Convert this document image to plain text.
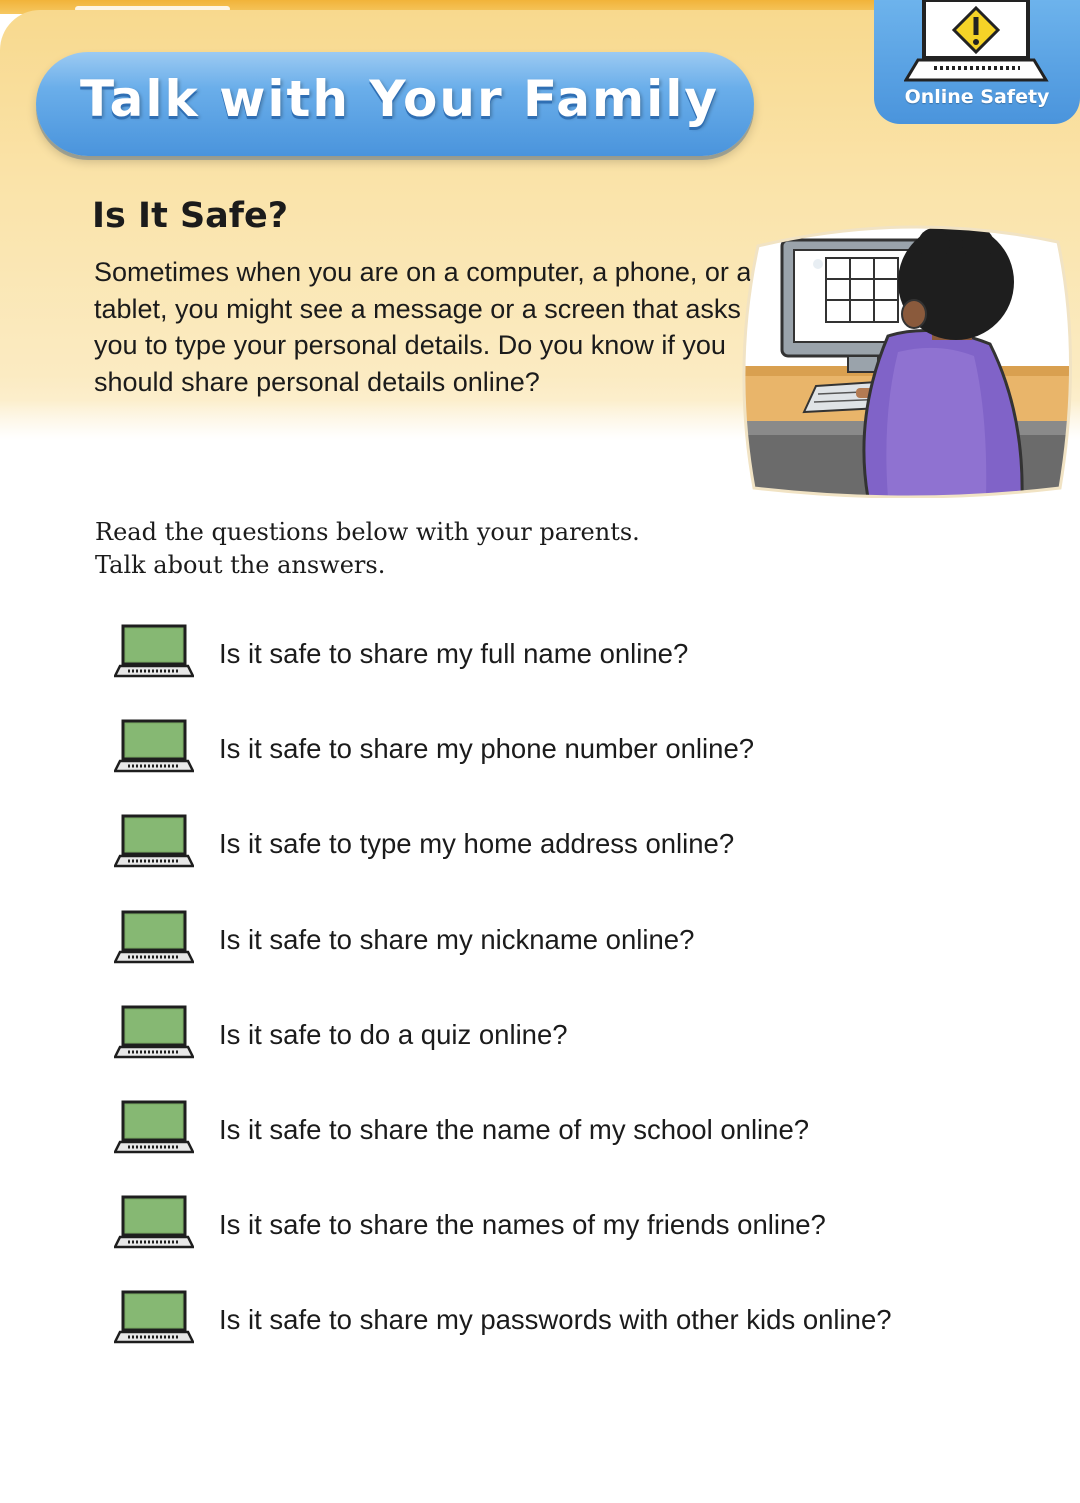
Talk with Your Family	Online Safety
Is It Safe?

Sometimes when you are on a computer, a phone, or a tablet, you might see a message or a screen that asks you to type your personal details. Do you know if you should share personal details online?

Read the questions below with your parents.
Talk about the answers.

Is it safe to share my full name online?
Is it safe to share my phone number online?
Is it safe to type my home address online?
Is it safe to share my nickname online?
Is it safe to do a quiz online?
Is it safe to share the name of my school online?
Is it safe to share the names of my friends online?
Is it safe to share my passwords with other kids online?
